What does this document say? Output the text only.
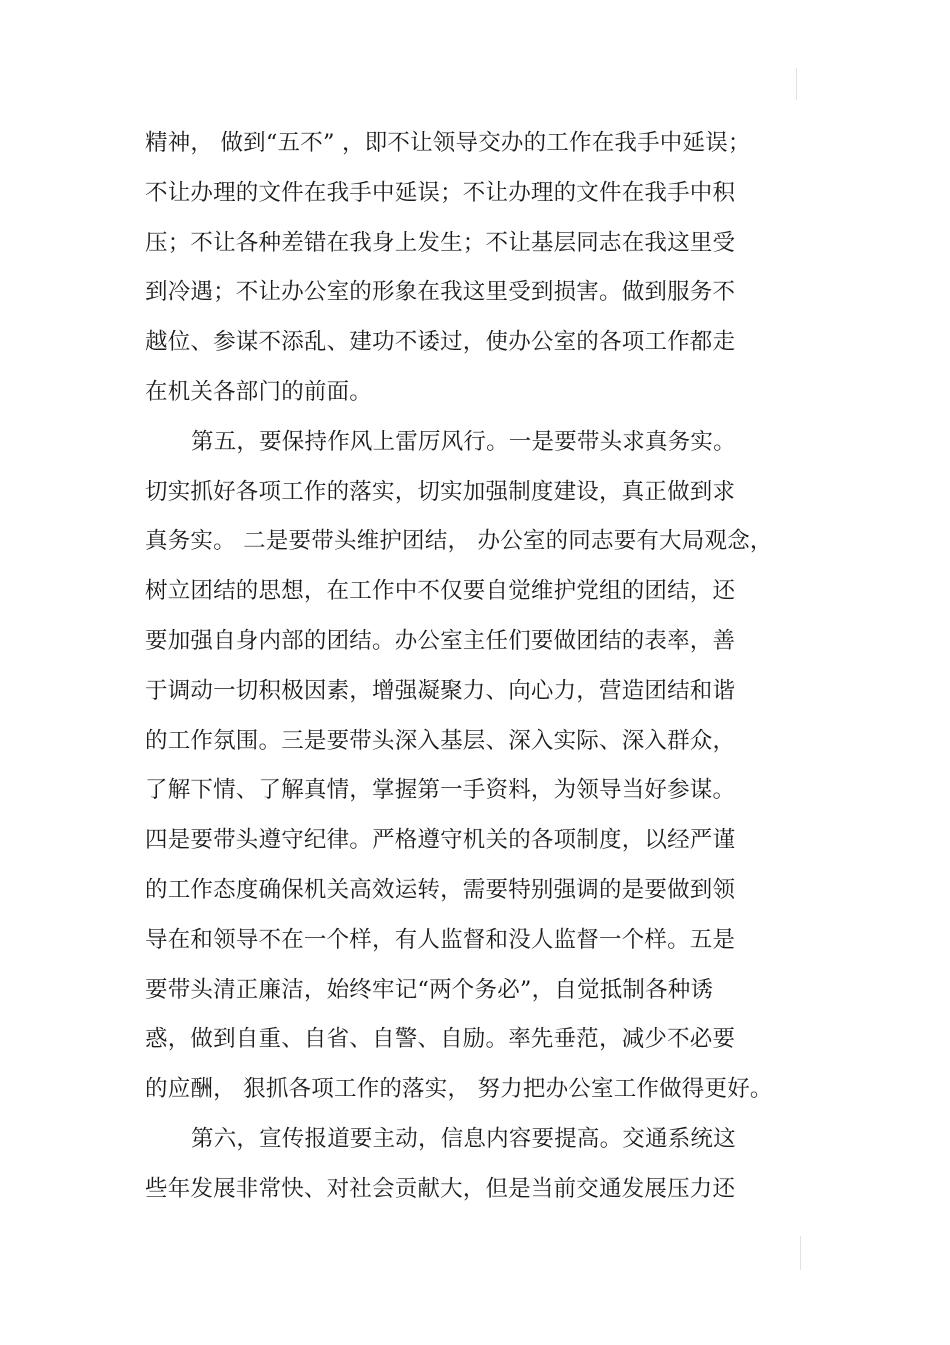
精神， 做到“五不” ，即不让领导交办的工作在我手中延误；
不让办理的文件在我手中延误；不让办理的文件在我手中积
压；不让各种差错在我身上发生；不让基层同志在我这里受
到冷遇；不让办公室的形象在我这里受到损害。做到服务不
越位、参谋不添乱、建功不诿过，使办公室的各项工作都走
在机关各部门的前面。
第五，要保持作风上雷厉风行。一是要带头求真务实。
切实抓好各项工作的落实，切实加强制度建设，真正做到求
真务实。 二是要带头维护团结， 办公室的同志要有大局观念，
树立团结的思想，在工作中不仅要自觉维护党组的团结，还
要加强自身内部的团结。办公室主任们要做团结的表率，善
于调动一切积极因素，增强凝聚力、向心力，营造团结和谐
的工作氛围。三是要带头深入基层、深入实际、深入群众，
了解下情、了解真情，掌握第一手资料，为领导当好参谋。
四是要带头遵守纪律。严格遵守机关的各项制度，以经严谨
的工作态度确保机关高效运转，需要特别强调的是要做到领
导在和领导不在一个样，有人监督和没人监督一个样。五是
要带头清正廉洁，始终牢记“两个务必”，自觉抵制各种诱
惑，做到自重、自省、自警、自励。率先垂范，减少不必要
的应酬， 狠抓各项工作的落实， 努力把办公室工作做得更好。
第六，宣传报道要主动，信息内容要提高。交通系统这
些年发展非常快、对社会贡献大，但是当前交通发展压力还
